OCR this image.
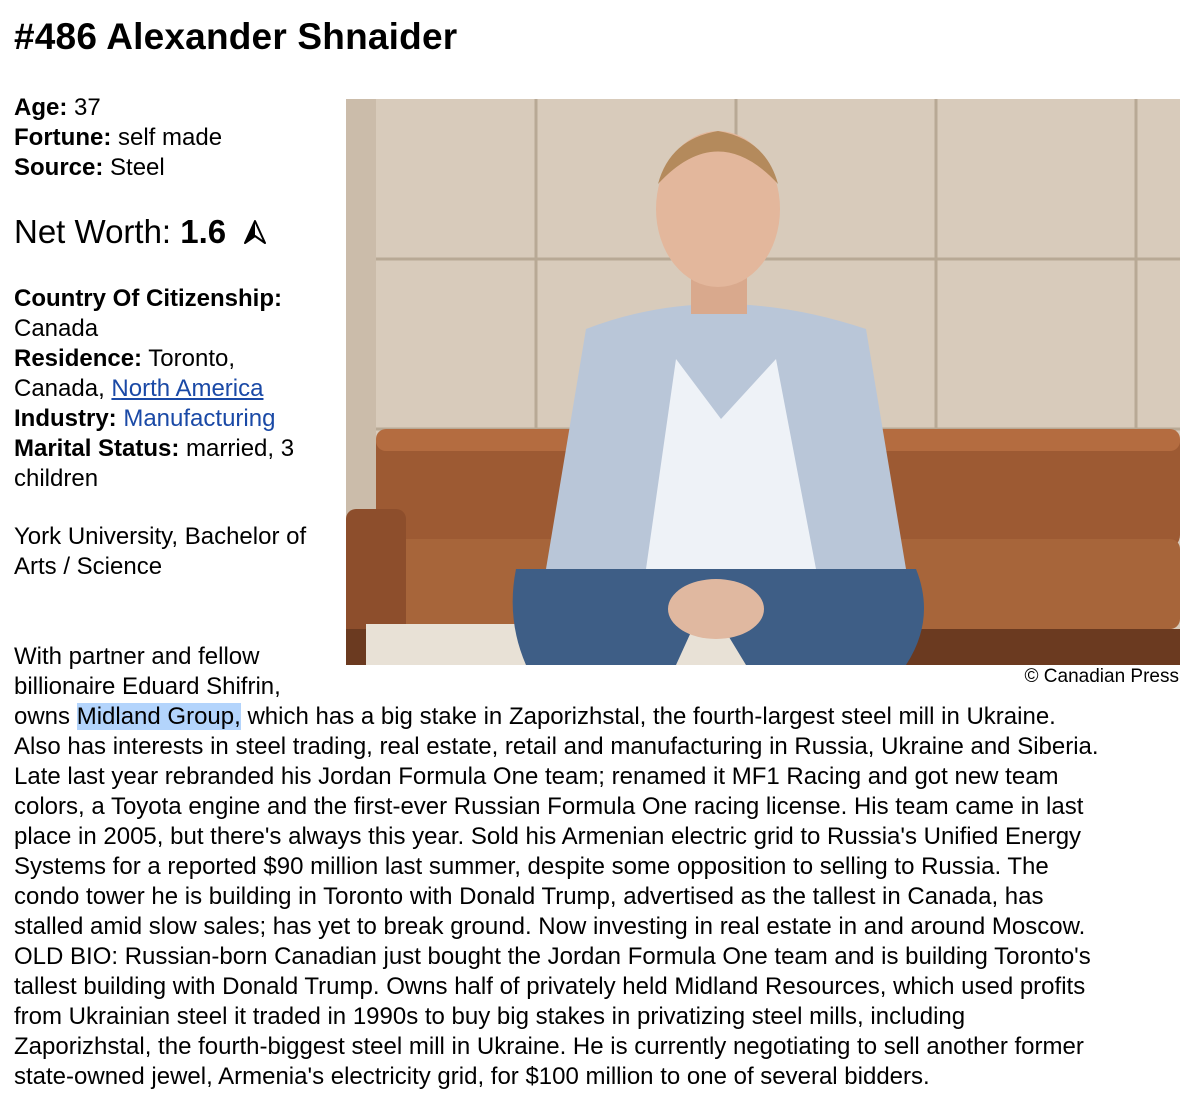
#486 Alexander Shnaider
Age: 37
Fortune: self made
Source: Steel
Net Worth: 1.6
Country Of Citizenship:
Canada
Residence: Toronto,
Canada, North America
Industry: Manufacturing
Marital Status: married, 3
children
York University, Bachelor of
Arts / Science
© Canadian Press
With partner and fellow
billionaire Eduard Shifrin,
owns Midland Group, which has a big stake in Zaporizhstal, the fourth-largest steel mill in Ukraine.
Also has interests in steel trading, real estate, retail and manufacturing in Russia, Ukraine and Siberia.
Late last year rebranded his Jordan Formula One team; renamed it MF1 Racing and got new team
colors, a Toyota engine and the first-ever Russian Formula One racing license. His team came in last
place in 2005, but there's always this year. Sold his Armenian electric grid to Russia's Unified Energy
Systems for a reported $90 million last summer, despite some opposition to selling to Russia. The
condo tower he is building in Toronto with Donald Trump, advertised as the tallest in Canada, has
stalled amid slow sales; has yet to break ground. Now investing in real estate in and around Moscow.
OLD BIO: Russian-born Canadian just bought the Jordan Formula One team and is building Toronto's
tallest building with Donald Trump. Owns half of privately held Midland Resources, which used profits
from Ukrainian steel it traded in 1990s to buy big stakes in privatizing steel mills, including
Zaporizhstal, the fourth-biggest steel mill in Ukraine. He is currently negotiating to sell another former
state-owned jewel, Armenia's electricity grid, for $100 million to one of several bidders.
